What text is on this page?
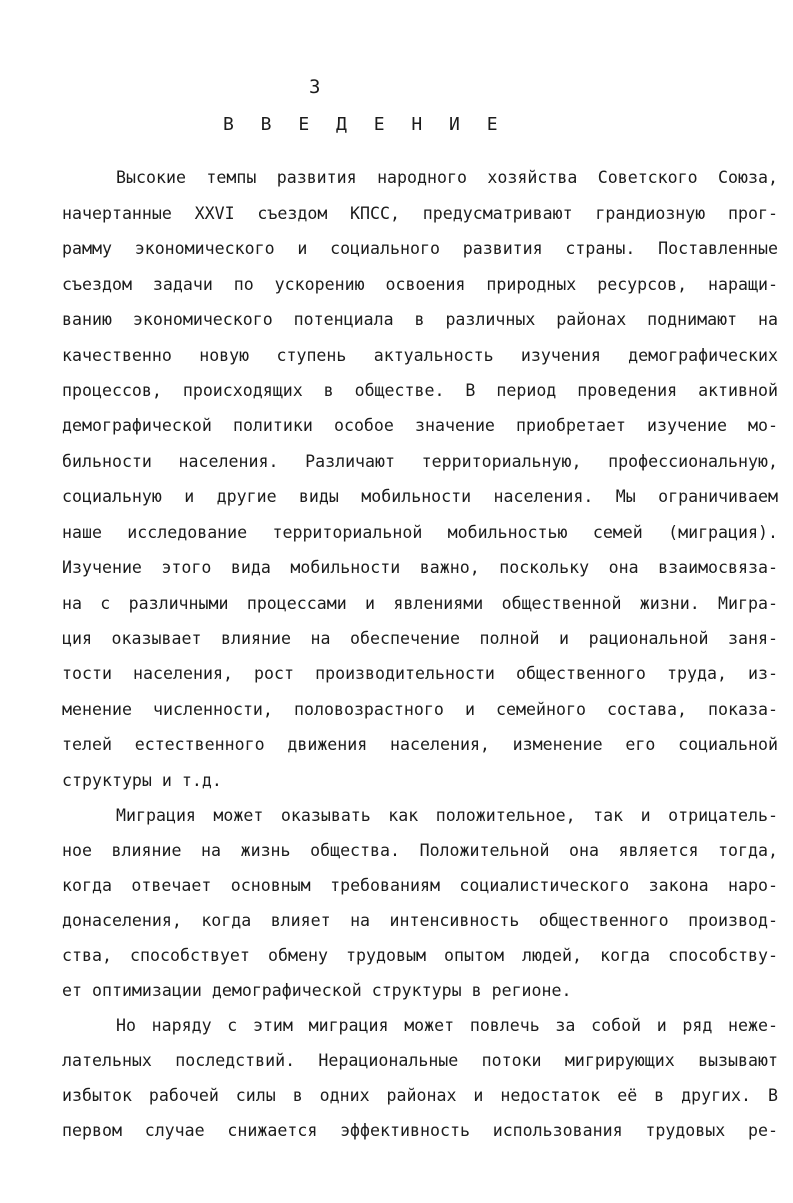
3
В В Е Д Е Н И Е
Высокие темпы развития народного хозяйства Советского Союза,
начертанные XXVI съездом КПСС, предусматривают грандиозную прог-
рамму экономического и социального развития страны. Поставленные
съездом задачи по ускорению освоения природных ресурсов, наращи-
ванию экономического потенциала в различных районах поднимают на
качественно новую ступень актуальность изучения демографических
процессов, происходящих в обществе. В период проведения активной
демографической политики особое значение приобретает изучение мо-
бильности населения. Различают территориальную, профессиональную,
социальную и другие виды мобильности населения. Мы ограничиваем
наше исследование территориальной мобильностью семей (миграция).
Изучение этого вида мобильности важно, поскольку она взаимосвяза-
на с различными процессами и явлениями общественной жизни. Мигра-
ция оказывает влияние на обеспечение полной и рациональной заня-
тости населения, рост производительности общественного труда, из-
менение численности, половозрастного и семейного состава, показа-
телей естественного движения населения, изменение его социальной
структуры и т.д.
Миграция может оказывать как положительное, так и отрицатель-
ное влияние на жизнь общества. Положительной она является тогда,
когда отвечает основным требованиям социалистического закона наро-
донаселения, когда влияет на интенсивность общественного производ-
ства, способствует обмену трудовым опытом людей, когда способству-
ет оптимизации демографической структуры в регионе.
Но наряду с этим миграция может повлечь за собой и ряд неже-
лательных последствий. Нерациональные потоки мигрирующих вызывают
избыток рабочей силы в одних районах и недостаток её в других. В
первом случае снижается эффективность использования трудовых ре-
